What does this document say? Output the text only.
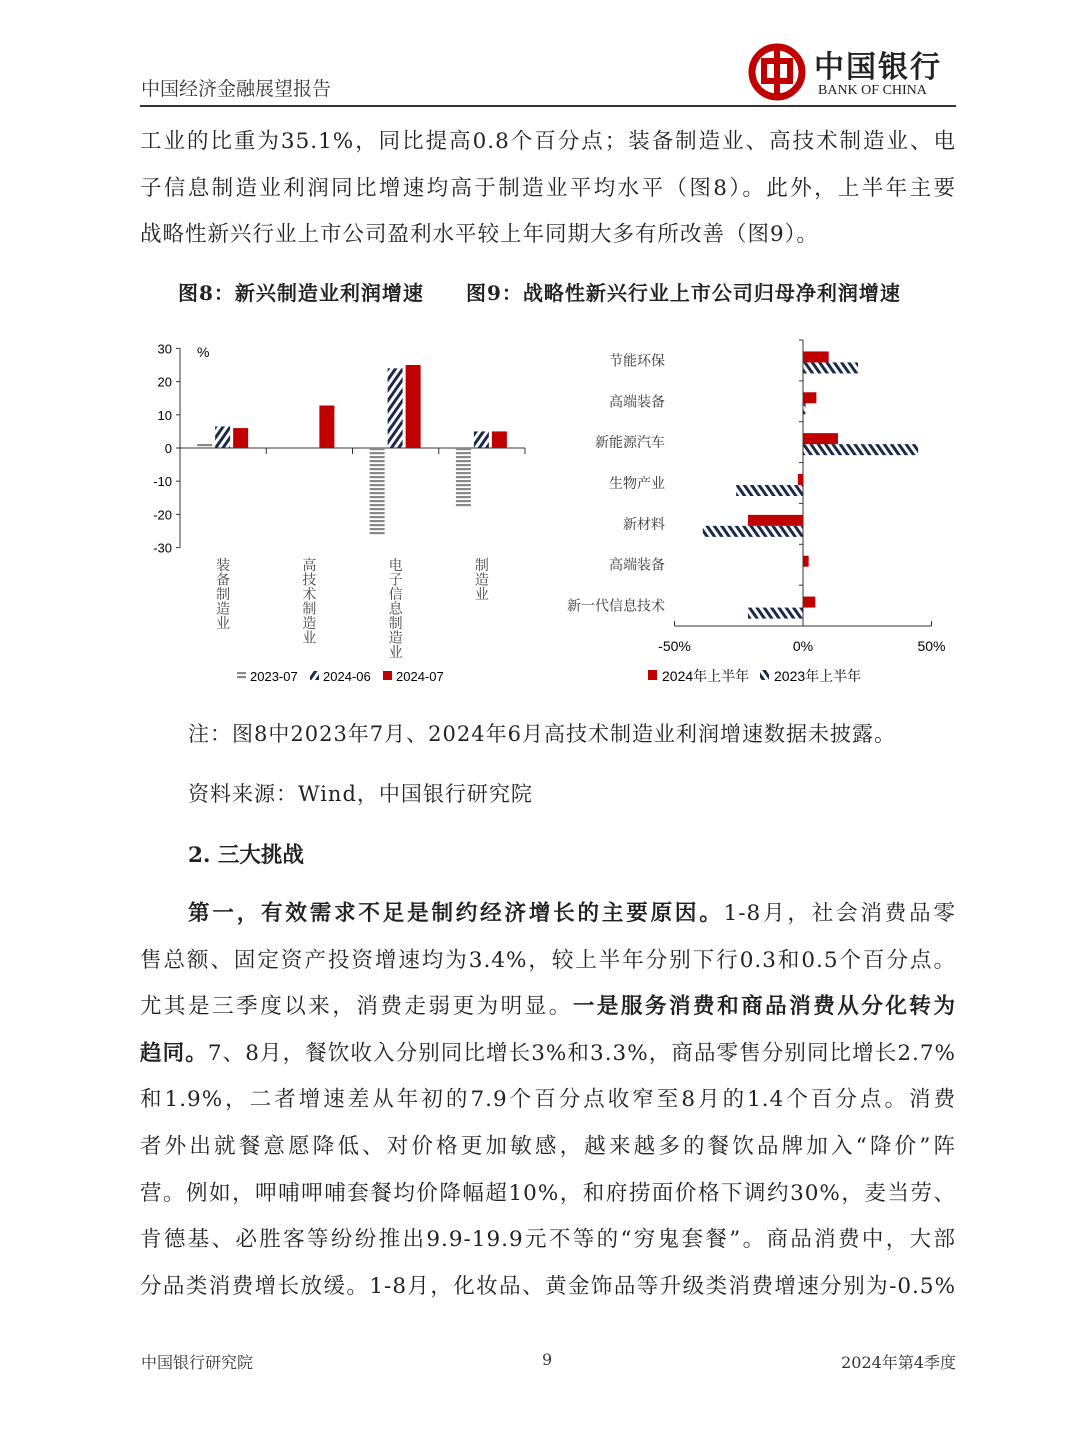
中国经济金融展望报告
中国银行
BANK OF CHINA
工业的比重为35.1%，同比提高0.8个百分点；装备制造业、高技术制造业、电
子信息制造业利润同比增速均高于制造业平均水平（图8）。此外，上半年主要
战略性新兴行业上市公司盈利水平较上年同期大多有所改善（图9）。
图8：新兴制造业利润增速 图9：战略性新兴行业上市公司归母净利润增速
30
20
10
0
-10
-20
-30
%
装备制造业
高技术制造业
电子信息制造业
制造业
2023-07 2024-06 2024-07
-50%	0%	50%
节能环保
高端装备
新能源汽车
生物产业
新材料
高端装备
新一代信息技术
2024年上半年 2023年上半年
注：图8中2023年7月、2024年6月高技术制造业利润增速数据未披露。
资料来源：Wind，中国银行研究院
2. 三大挑战
第一，有效需求不足是制约经济增长的主要原因。1-8月，社会消费品零
售总额、固定资产投资增速均为3.4%，较上半年分别下行0.3和0.5个百分点。
尤其是三季度以来，消费走弱更为明显。一是服务消费和商品消费从分化转为
趋同。7、8月，餐饮收入分别同比增长3%和3.3%，商品零售分别同比增长2.7%
和1.9%，二者增速差从年初的7.9个百分点收窄至8月的1.4个百分点。消费
者外出就餐意愿降低、对价格更加敏感，越来越多的餐饮品牌加入“降价”阵
营。例如，呷哺呷哺套餐均价降幅超10%，和府捞面价格下调约30%，麦当劳、
肯德基、必胜客等纷纷推出9.9-19.9元不等的“穷鬼套餐”。商品消费中，大部
分品类消费增长放缓。1-8月，化妆品、黄金饰品等升级类消费增速分别为-0.5%
中国银行研究院	9	2024年第4季度
